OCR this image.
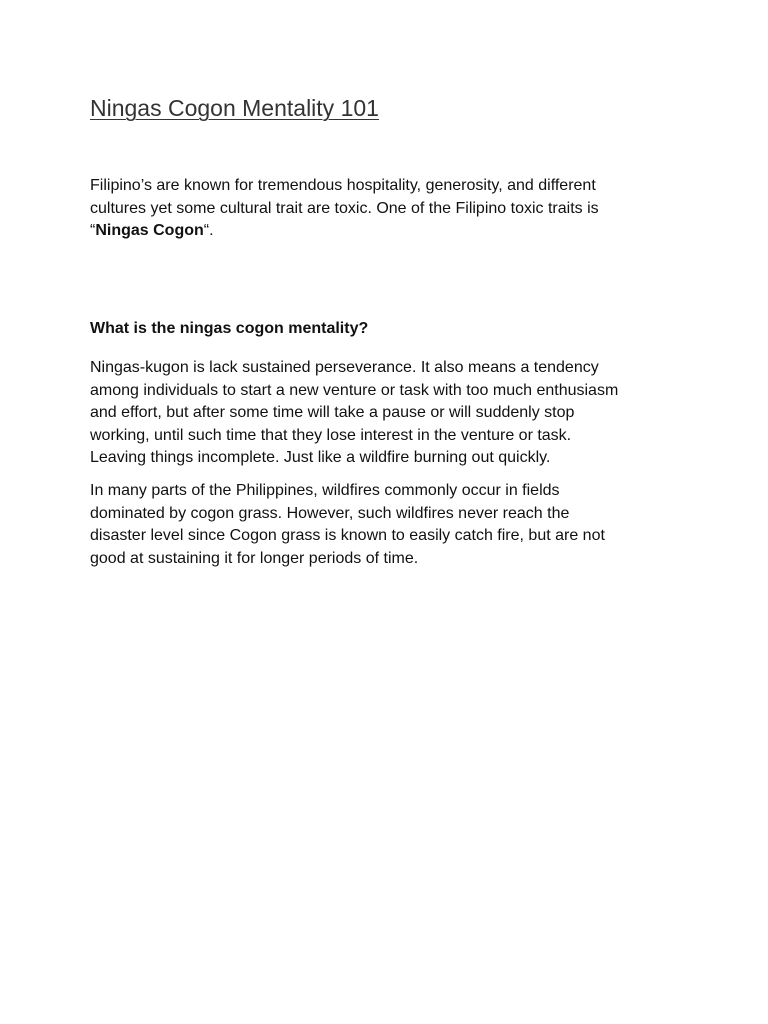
Ningas Cogon Mentality 101

Filipino’s are known for tremendous hospitality, generosity, and different
cultures yet some cultural trait are toxic. One of the Filipino toxic traits is
“Ningas Cogon“.

What is the ningas cogon mentality?

Ningas-kugon is lack sustained perseverance. It also means a tendency
among individuals to start a new venture or task with too much enthusiasm
and effort, but after some time will take a pause or will suddenly stop
working, until such time that they lose interest in the venture or task.
Leaving things incomplete. Just like a wildfire burning out quickly.

In many parts of the Philippines, wildfires commonly occur in fields
dominated by cogon grass. However, such wildfires never reach the
disaster level since Cogon grass is known to easily catch fire, but are not
good at sustaining it for longer periods of time.
